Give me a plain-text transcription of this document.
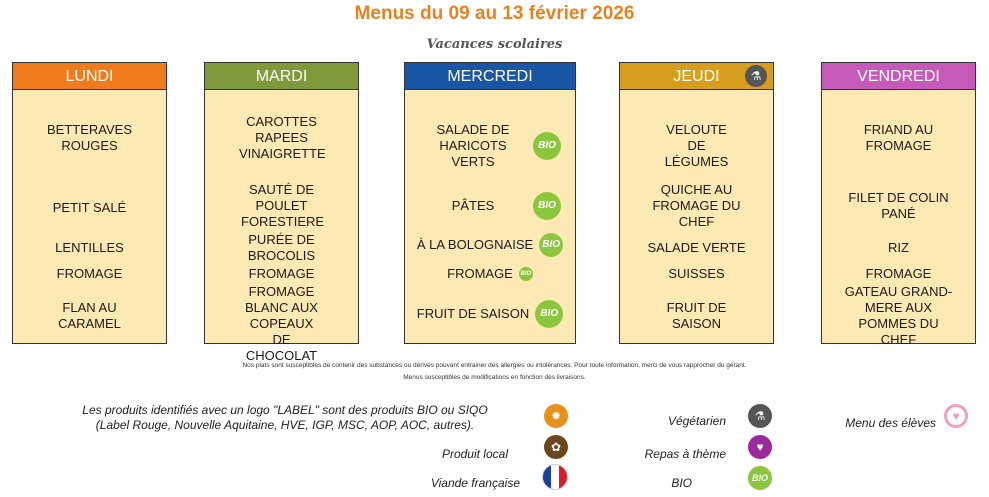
Menus du 09 au 13 février 2026
Vacances scolaires
LUNDI
BETTERAVES ROUGES
PETIT SALÉ
LENTILLES
FROMAGE
FLAN AU CARAMEL
MARDI
CAROTTES RAPEES VINAIGRETTE
SAUTÉ DE POULET FORESTIERE
PURÉE DE BROCOLIS
FROMAGE
FROMAGE BLANC AUX COPEAUX DE CHOCOLAT
MERCREDI
SALADE DE HARICOTS VERTS
BIO
PÂTES	BIO
À LA BOLOGNAISE BIO
FROMAGE BIO
FRUIT DE SAISON	BIO
JEUDI	⚗
VELOUTE DE LÉGUMES
QUICHE AU FROMAGE DU CHEF
SALADE VERTE
SUISSES
FRUIT DE SAISON
VENDREDI
FRIAND AU FROMAGE
FILET DE COLIN PANÉ
RIZ
FROMAGE
GATEAU GRAND-MERE AUX POMMES DU CHEF
Nos plats sont susceptibles de contenir des substances ou dérivés pouvant entrainer des allergies ou intolérances. Pour toute information, merci de vous rapprocher du gérant.
Menus susceptibles de modifications en fonction des livraisons.
Les produits identifiés avec un logo "LABEL" sont des produits BIO ou SIQO
(Label Rouge, Nouvelle Aquitaine, HVE, IGP, MSC, AOP, AOC, autres).
✹
Produit local	✿
Viande française
Végétarien	⚗
Repas à thème	♥
BIO	BIO
Menu des élèves	♥
